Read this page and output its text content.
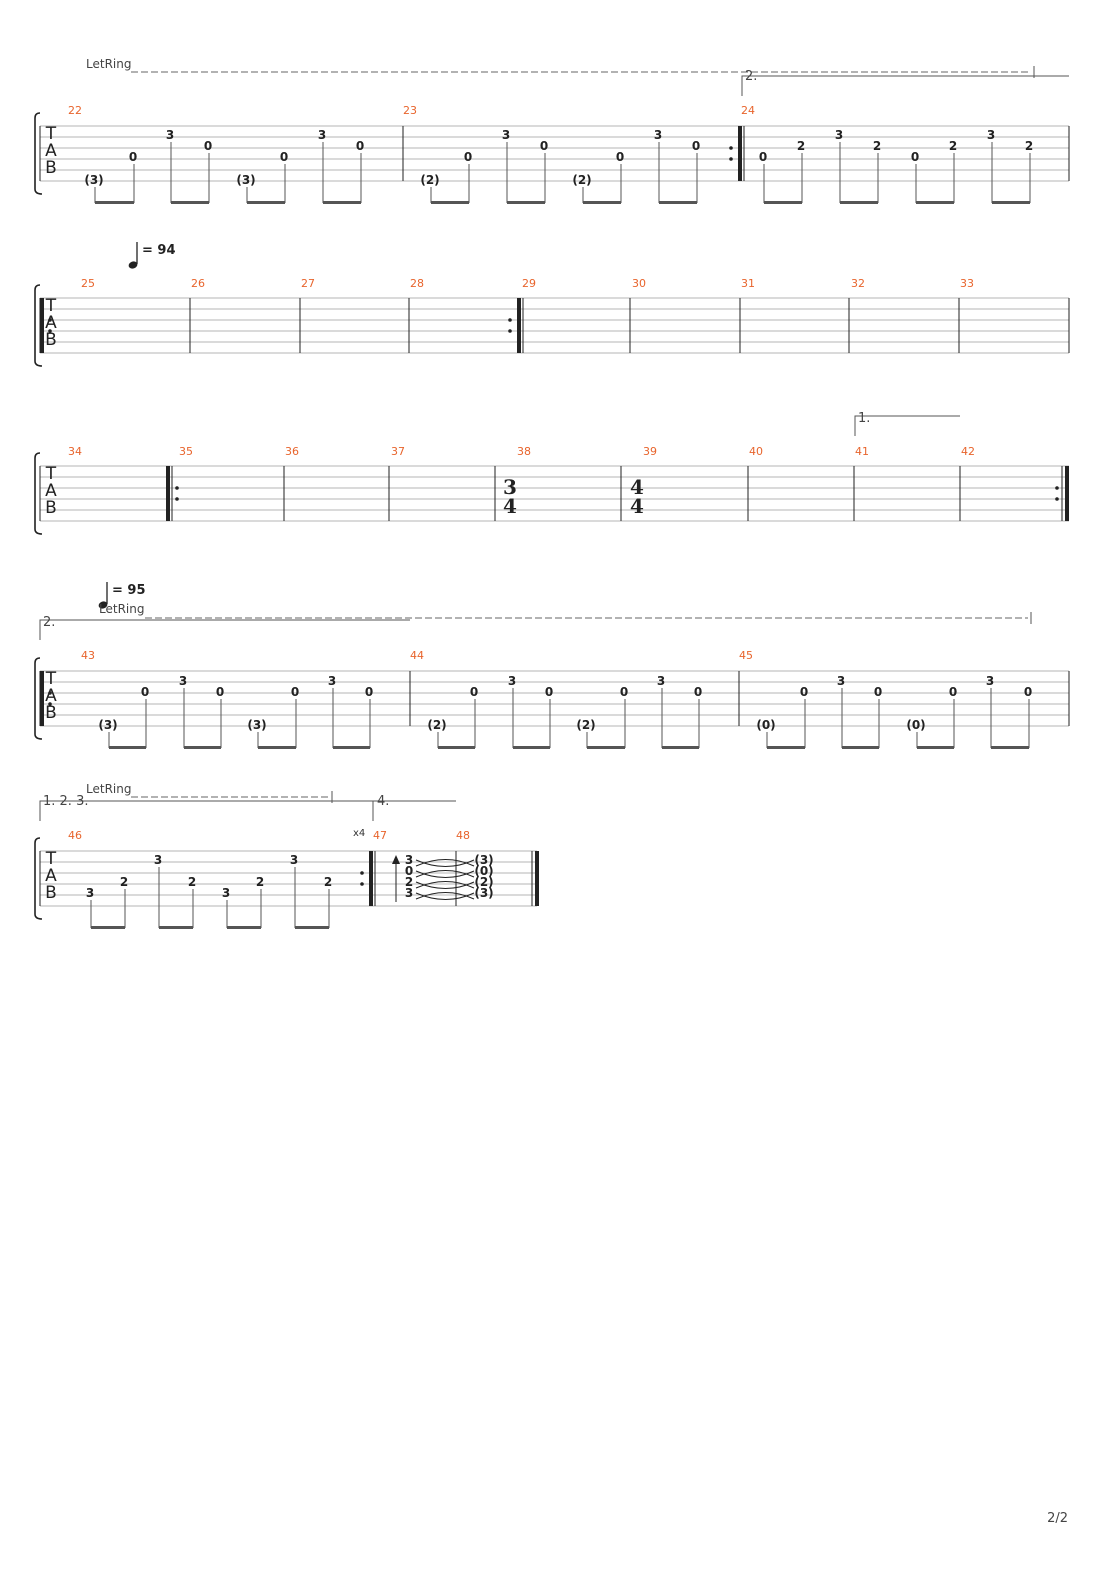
T
A
B
(3)
0
3
0
(3)
0
3
0
(2)
0
3
0
(2)
0
3
0
0
2
3
2
0
2
3
2
T
A
B
T
A
B
T
A
B
(3)
0
3
0
(3)
0
3
0
(2)
0
3
0
(2)
0
3
0
(0)
0
3
0
(0)
0
3
0
T
A
B 3
2
3
2
3
2
3
2
3
0
2
3
(3)
(0)
(2)
(3)
LetRing
2.
22	23	24
= 94
25	26	27	28	29	30	31	32	33
1.
34	35	36	37	38	39	40	41	42
3
4
4
4
= 95
LetRing
2.
43	44	45
LetRing
1. 2. 3.	4.
x4
46	47	48
2/2
